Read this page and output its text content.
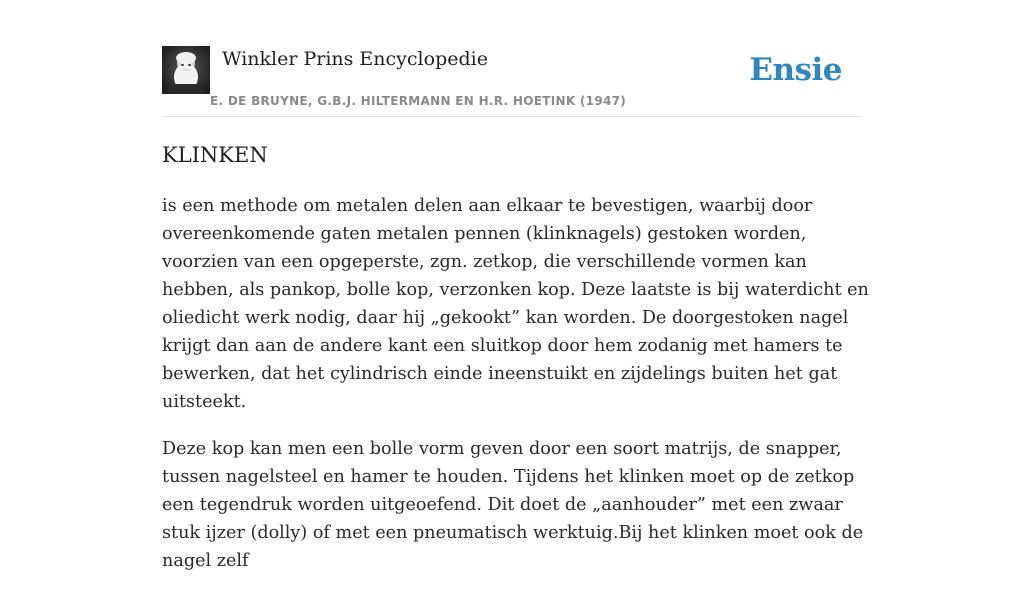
Winkler Prins Encyclopedie
E. DE BRUYNE, G.B.J. HILTERMANN EN H.R. HOETINK (1947)
Ensie
KLINKEN

is een methode om metalen delen aan elkaar te bevestigen, waarbij door overeenkomende gaten metalen pennen (klinknagels) gestoken worden, voorzien van een opgeperste, zgn. zetkop, die verschillende vormen kan hebben, als pankop, bolle kop, verzonken kop. Deze laatste is bij waterdicht en oliedicht werk nodig, daar hij „gekookt” kan worden. De doorgestoken nagel krijgt dan aan de andere kant een sluitkop door hem zodanig met hamers te bewerken, dat het cylindrisch einde ineenstuikt en zijdelings buiten het gat uitsteekt.

Deze kop kan men een bolle vorm geven door een soort matrijs, de snapper, tussen nagelsteel en hamer te houden. Tijdens het klinken moet op de zetkop een tegendruk worden uitgeoefend. Dit doet de „aanhouder” met een zwaar stuk ijzer (dolly) of met een pneumatisch werktuig.Bij het klinken moet ook de nagel zelf
